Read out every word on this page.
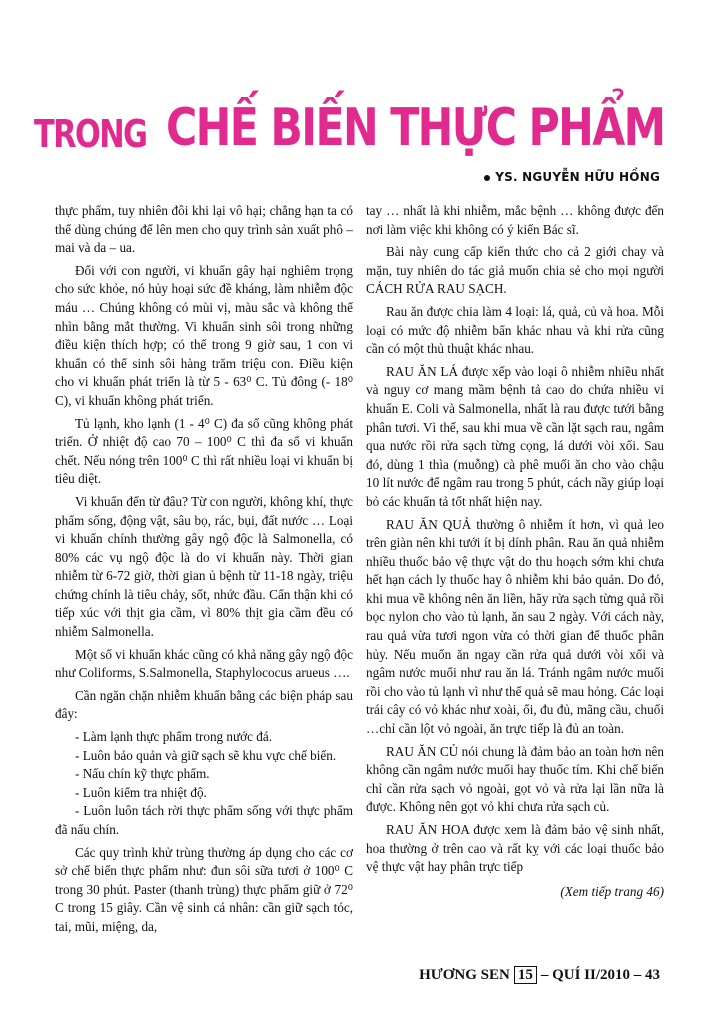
TRONG CHẾ BIẾN THỰC PHẨM
YS. NGUYỄN HỮU HỒNG

thực phẩm, tuy nhiên đôi khi lại vô hại; chẳng hạn ta có thể dùng chúng để lên men cho quy trình sản xuất phô – mai và da – ua.

Đối với con người, vi khuẩn gây hại nghiêm trọng cho sức khỏe, nó hủy hoại sức đề kháng, làm nhiễm độc máu … Chúng không có mùi vị, màu sắc và không thể nhìn bằng mắt thường. Vi khuẩn sinh sôi trong những điều kiện thích hợp; có thể trong 9 giờ sau, 1 con vi khuẩn có thể sinh sôi hàng trăm triệu con. Điều kiện cho vi khuẩn phát triển là từ 5 - 63⁰ C. Tủ đông (- 18⁰ C), vi khuẩn không phát triển.

Tủ lạnh, kho lạnh (1 - 4⁰ C) đa số cũng không phát triển. Ở nhiệt độ cao 70 – 100⁰ C thì đa số vi khuẩn chết. Nếu nóng trên 100⁰ C thì rất nhiều loại vi khuẩn bị tiêu diệt.

Vi khuẩn đến từ đâu? Từ con người, không khí, thực phẩm sống, động vật, sâu bọ, rác, bụi, đất nước … Loại vi khuẩn chính thường gây ngộ độc là Salmonella, có 80% các vụ ngộ độc là do vi khuẩn này. Thời gian nhiễm từ 6-72 giờ, thời gian ủ bệnh từ 11-18 ngày, triệu chứng chính là tiêu chảy, sốt, nhức đầu. Cẩn thận khi có tiếp xúc với thịt gia cầm, vì 80% thịt gia cầm đều có nhiễm Salmonella.

Một số vi khuẩn khác cũng có khả năng gây ngộ độc như Coliforms, S.Salmonella, Staphylococus arueus ….

Cần ngăn chặn nhiễm khuẩn bằng các biện pháp sau đây:

- Làm lạnh thực phẩm trong nước đá.

- Luôn bảo quản và giữ sạch sẽ khu vực chế biến.

- Nấu chín kỹ thực phẩm.

- Luôn kiểm tra nhiệt độ.

- Luôn luôn tách rời thực phẩm sống với thực phẩm đã nấu chín.

Các quy trình khử trùng thường áp dụng cho các cơ sở chế biến thực phẩm như: đun sôi sữa tươi ở 100⁰ C trong 30 phút. Paster (thanh trùng) thực phẩm giữ ở 72⁰ C trong 15 giây. Cần vệ sinh cá nhân: cần giữ sạch tóc, tai, mũi, miệng, da,

tay … nhất là khi nhiễm, mắc bệnh … không được đến nơi làm việc khi không có ý kiến Bác sĩ.

Bài này cung cấp kiến thức cho cả 2 giới chay và mặn, tuy nhiên do tác giả muốn chia sẻ cho mọi người CÁCH RỬA RAU SẠCH.

Rau ăn được chia làm 4 loại: lá, quả, củ và hoa. Mỗi loại có mức độ nhiễm bẩn khác nhau và khi rửa cũng cần có một thủ thuật khác nhau.

RAU ĂN LÁ được xếp vào loại ô nhiễm nhiều nhất và nguy cơ mang mầm bệnh tả cao do chứa nhiều vi khuẩn E. Coli và Salmonella, nhất là rau được tưới bằng phân tươi. Vì thế, sau khi mua về cần lặt sạch rau, ngâm qua nước rồi rửa sạch từng cọng, lá dưới vòi xối. Sau đó, dùng 1 thìa (muỗng) cà phê muối ăn cho vào chậu 10 lít nước để ngâm rau trong 5 phút, cách nầy giúp loại bỏ các khuẩn tả tốt nhất hiện nay.

RAU ĂN QUẢ thường ô nhiễm ít hơn, vì quả leo trên giàn nên khi tưới ít bị dính phân. Rau ăn quả nhiễm nhiều thuốc bảo vệ thực vật do thu hoạch sớm khi chưa hết hạn cách ly thuốc hay ô nhiễm khi bảo quản. Do đó, khi mua về không nên ăn liền, hãy rửa sạch từng quả rồi bọc nylon cho vào tủ lạnh, ăn sau 2 ngày. Với cách này, rau quả vừa tươi ngon vừa có thời gian để thuốc phân hủy. Nếu muốn ăn ngay cần rửa quả dưới vòi xối và ngâm nước muối như rau ăn lá. Tránh ngâm nước muối rồi cho vào tủ lạnh vì như thế quả sẽ mau hỏng. Các loại trái cây có vỏ khác như xoài, ổi, đu đủ, mãng cầu, chuối …chỉ cần lột vỏ ngoài, ăn trực tiếp là đủ an toàn.

RAU ĂN CỦ nói chung là đảm bảo an toàn hơn nên không cần ngâm nước muối hay thuốc tím. Khi chế biến chỉ cần rửa sạch vỏ ngoài, gọt vỏ và rửa lại lần nữa là được. Không nên gọt vỏ khi chưa rửa sạch củ.

RAU ĂN HOA được xem là đảm bảo vệ sinh nhất, hoa thường ở trên cao và rất kỵ với các loại thuốc bảo vệ thực vật hay phân trực tiếp

(Xem tiếp trang 46)
HƯƠNG SEN 15 – QUÍ II/2010 – 43
